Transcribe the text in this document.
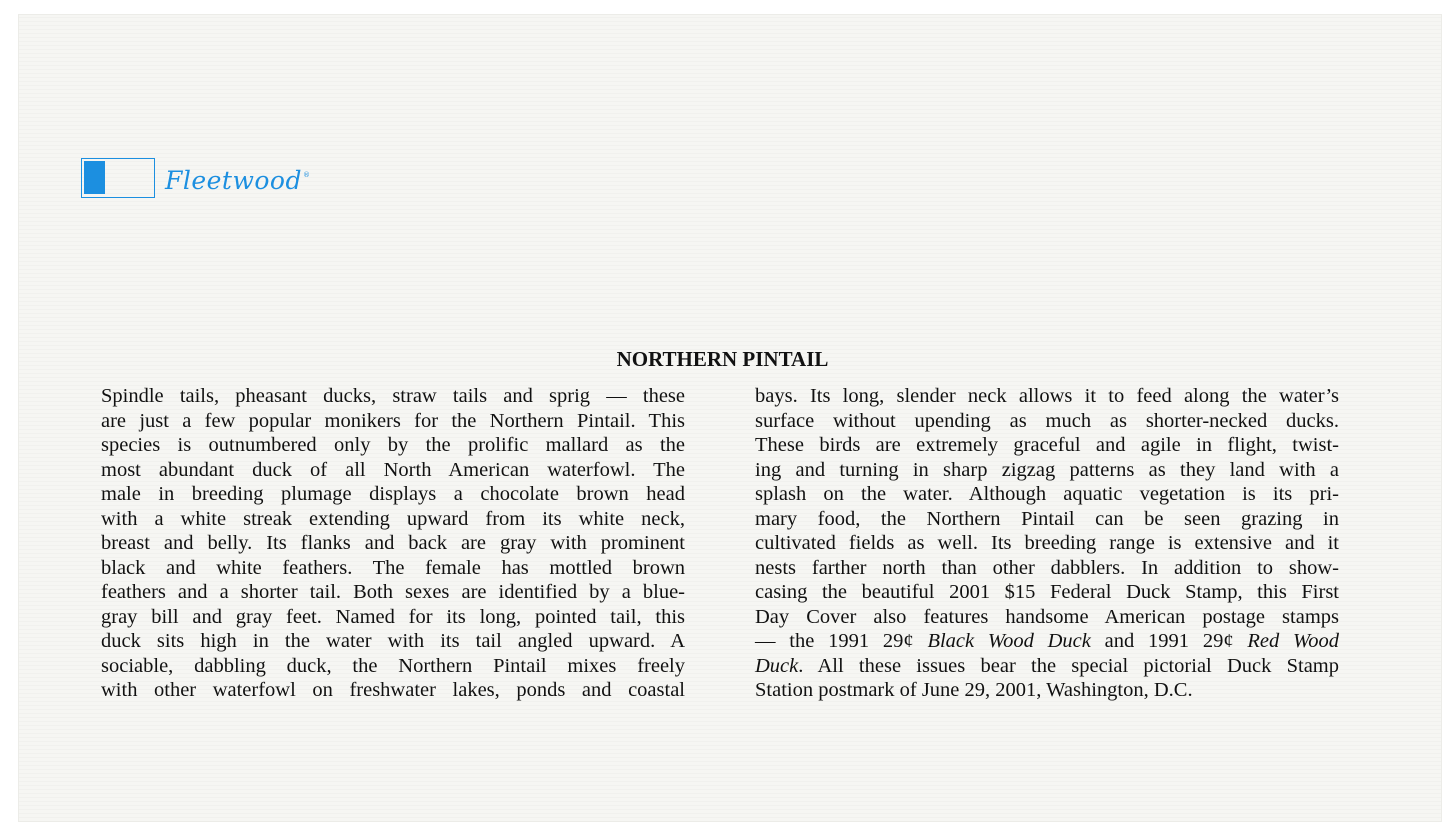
Fleetwood ®
NORTHERN PINTAIL
Spindle tails, pheasant ducks, straw tails and sprig — these
are just a few popular monikers for the Northern Pintail. This
species is outnumbered only by the prolific mallard as the
most abundant duck of all North American waterfowl. The
male in breeding plumage displays a chocolate brown head
with a white streak extending upward from its white neck,
breast and belly. Its flanks and back are gray with prominent
black and white feathers. The female has mottled brown
feathers and a shorter tail. Both sexes are identified by a blue-
gray bill and gray feet. Named for its long, pointed tail, this
duck sits high in the water with its tail angled upward. A
sociable, dabbling duck, the Northern Pintail mixes freely
with other waterfowl on freshwater lakes, ponds and coastal
bays. Its long, slender neck allows it to feed along the water’s
surface without upending as much as shorter-necked ducks.
These birds are extremely graceful and agile in flight, twist-
ing and turning in sharp zigzag patterns as they land with a
splash on the water. Although aquatic vegetation is its pri-
mary food, the Northern Pintail can be seen grazing in
cultivated fields as well. Its breeding range is extensive and it
nests farther north than other dabblers. In addition to show-
casing the beautiful 2001 $15 Federal Duck Stamp, this First
Day Cover also features handsome American postage stamps
— the 1991 29¢ Black Wood Duck and 1991 29¢ Red Wood
Duck. All these issues bear the special pictorial Duck Stamp
Station postmark of June 29, 2001, Washington, D.C.
